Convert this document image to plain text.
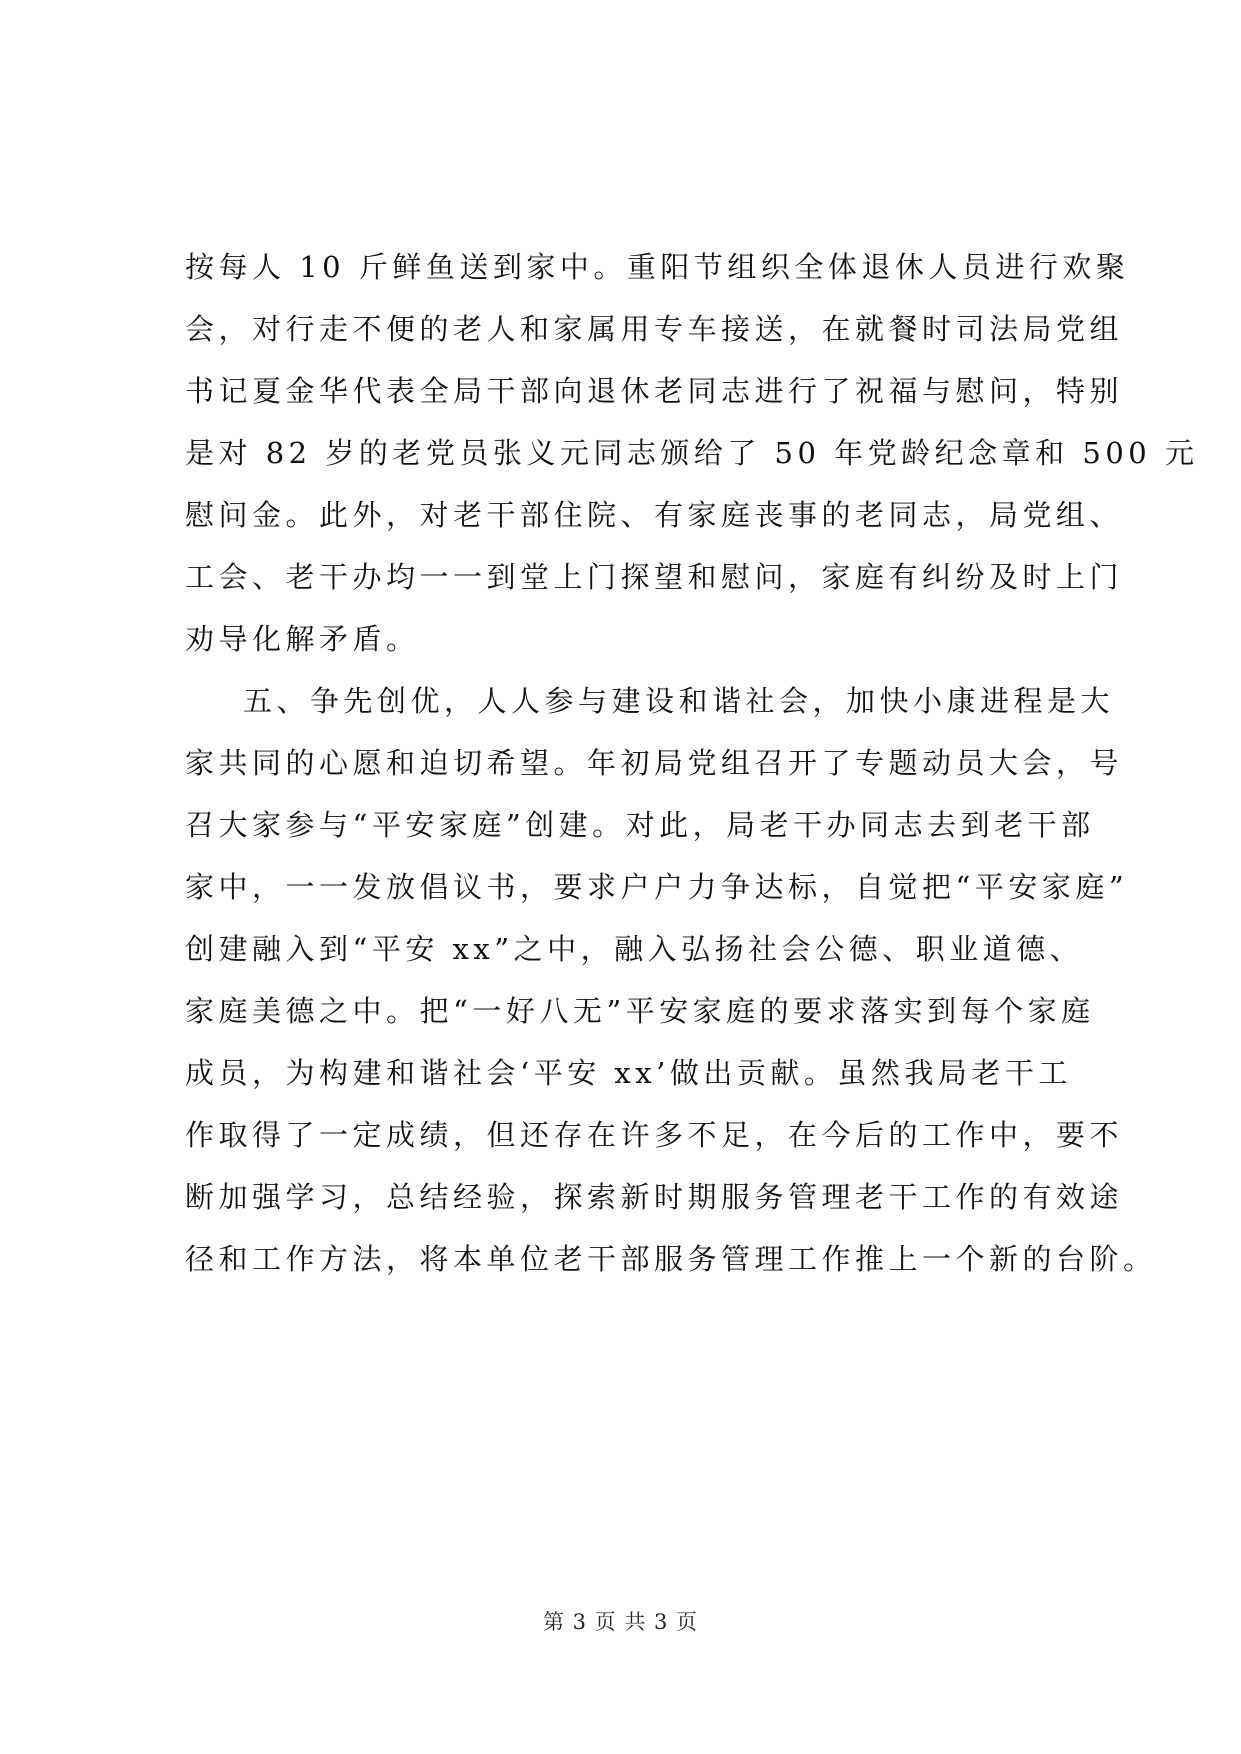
按每人 10 斤鲜鱼送到家中。重阳节组织全体退休人员进行欢聚
会，对行走不便的老人和家属用专车接送，在就餐时司法局党组
书记夏金华代表全局干部向退休老同志进行了祝福与慰问，特别
是对 82 岁的老党员张义元同志颁给了 50 年党龄纪念章和 500 元
慰问金。此外，对老干部住院、有家庭丧事的老同志，局党组、
工会、老干办均一一到堂上门探望和慰问，家庭有纠纷及时上门
劝导化解矛盾。
五、争先创优，人人参与建设和谐社会，加快小康进程是大
家共同的心愿和迫切希望。年初局党组召开了专题动员大会，号
召大家参与“平安家庭”创建。对此，局老干办同志去到老干部
家中，一一发放倡议书，要求户户力争达标，自觉把“平安家庭”
创建融入到“平安 xx”之中，融入弘扬社会公德、职业道德、
家庭美德之中。把“一好八无”平安家庭的要求落实到每个家庭
成员，为构建和谐社会‘平安 xx’做出贡献。虽然我局老干工
作取得了一定成绩，但还存在许多不足，在今后的工作中，要不
断加强学习，总结经验，探索新时期服务管理老干工作的有效途
径和工作方法，将本单位老干部服务管理工作推上一个新的台阶。
第 3 页 共 3 页
